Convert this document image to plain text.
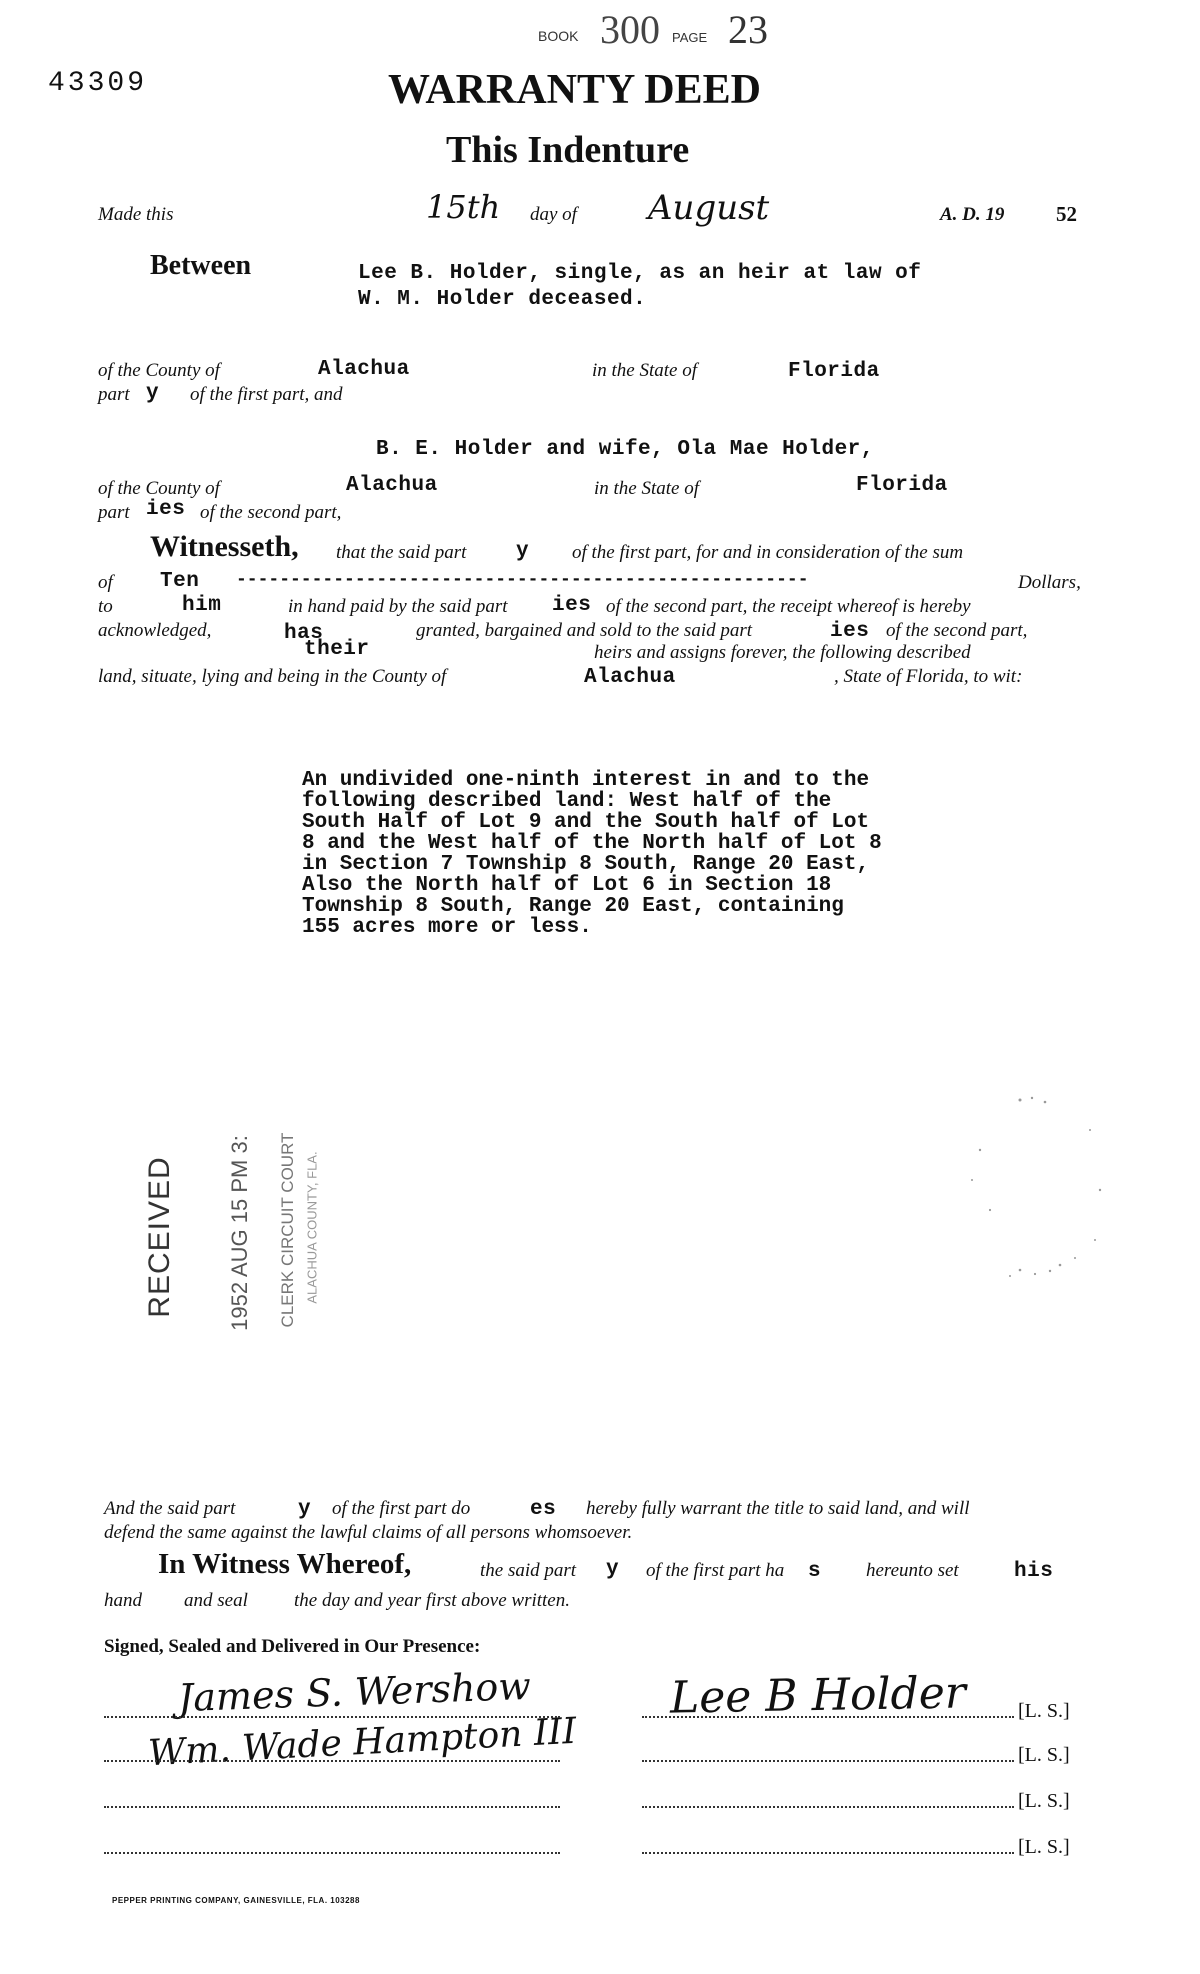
BOOK 300 PAGE 23
43309	WARRANTY DEED
This Indenture
Made this	15th day of August	A. D. 19 52
Between	Lee B. Holder, single, as an heir at law of
W. M. Holder deceased.
of the County of	Alachua	in the State of	Florida
part y of the first part, and
B. E. Holder and wife, Ola Mae Holder,
of the County of	Alachua	in the State of	Florida
part ies of the second part,
Witnesseth, that the said part y of the first part, for and in consideration of the sum
of Ten -----------------------------------------------------	Dollars,
to	him	in hand paid by the said part ies of the second part, the receipt whereof is hereby
acknowledged,	has	granted, bargained and sold to the said part	ies of the second part,
their	heirs and assigns forever, the following described
land, situate, lying and being in the County of	Alachua	, State of Florida, to wit:
An undivided one-ninth interest in and to the
following described land: West half of the
South Half of Lot 9 and the South half of Lot
8 and the West half of the North half of Lot 8
in Section 7 Township 8 South, Range 20 East,
Also the North half of Lot 6 in Section 18
Township 8 South, Range 20 East, containing
155 acres more or less.
RECEIVED 1952 AUG 15 PM 3: CLERK CIRCUIT COURT ALACHUA COUNTY, FLA.
And the said part	y of the first part do	es hereby fully warrant the title to said land, and will
defend the same against the lawful claims of all persons whomsoever.
In Witness Whereof,	the said part y of the first part ha s hereunto set	his
hand and seal the day and year first above written.
Signed, Sealed and Delivered in Our Presence:
James S. Wershow
Wm. Wade Hampton III
Lee B Holder	[L. S.]
[L. S.]
[L. S.]
[L. S.]
PEPPER PRINTING COMPANY, GAINESVILLE, FLA. 103288
